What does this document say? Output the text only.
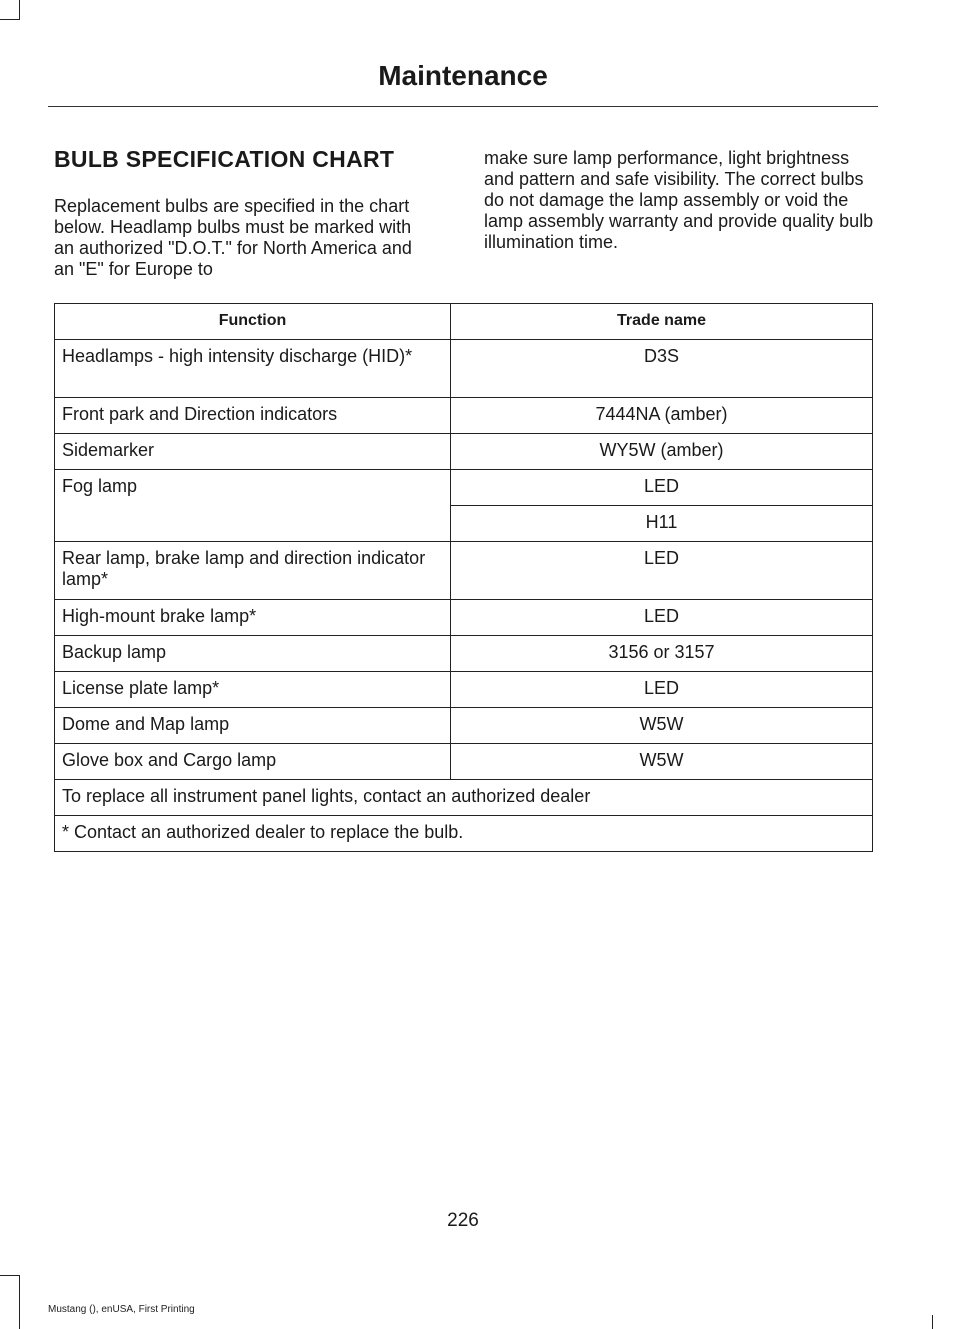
Maintenance
BULB SPECIFICATION CHART

Replacement bulbs are specified in the chart below. Headlamp bulbs must be marked with an authorized "D.O.T." for North America and an "E" for Europe to

make sure lamp performance, light brightness and pattern and safe visibility. The correct bulbs do not damage the lamp assembly or void the lamp assembly warranty and provide quality bulb illumination time.

Function	Trade name
Headlamps - high intensity discharge (HID)*	D3S
Front park and Direction indicators	7444NA (amber)
Sidemarker	WY5W (amber)
Fog lamp	LED
	H11
Rear lamp, brake lamp and direction indicator lamp*	LED
High-mount brake lamp*	LED
Backup lamp	3156 or 3157
License plate lamp*	LED
Dome and Map lamp	W5W
Glove box and Cargo lamp	W5W
To replace all instrument panel lights, contact an authorized dealer	
* Contact an authorized dealer to replace the bulb.	
226
Mustang (), enUSA, First Printing
